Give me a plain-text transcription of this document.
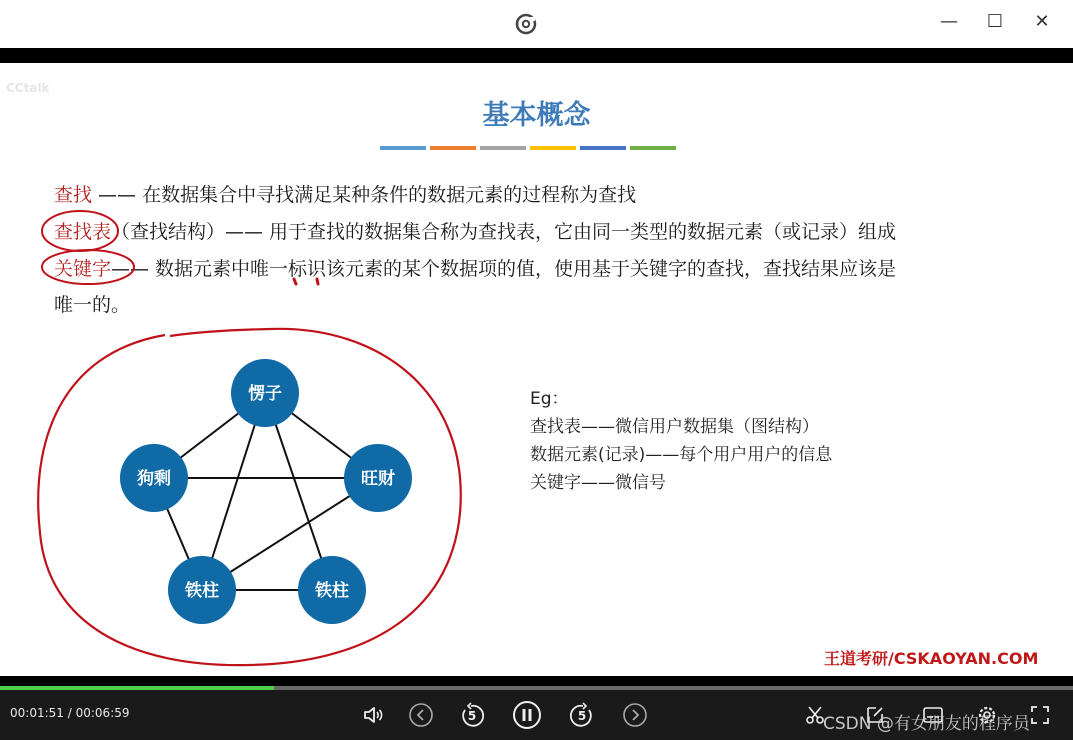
—	☐	✕
CCtalk
基本概念
查找 —— 在数据集合中寻找满足某种条件的数据元素的过程称为查找
查找表（查找结构）—— 用于查找的数据集合称为查找表，它由同一类型的数据元素（或记录）组成
关键字—— 数据元素中唯一标识该元素的某个数据项的值，使用基于关键字的查找，查找结果应该是
唯一的。
愣子
狗剩	旺财
铁柱	铁柱
Eg：
查找表——微信用户数据集（图结构）
数据元素(记录)——每个用户用户的信息
关键字——微信号
王道考研/CSKAOYAN.COM
00:01:51 / 00:06:59	5	5	CSDN @有女朋友的程序员
